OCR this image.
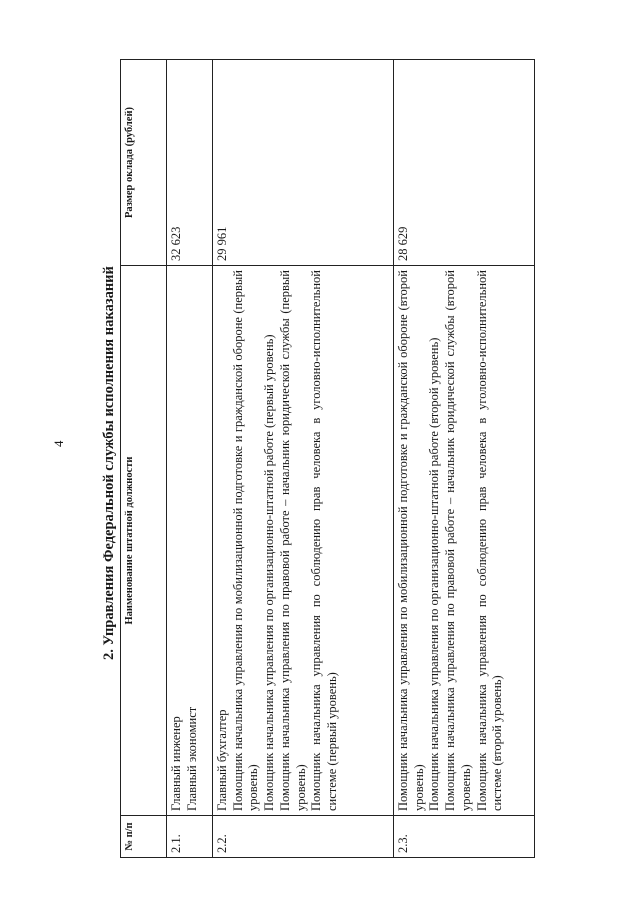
4 2. Управления Федеральной службы исполнения наказаний
№ п/п	Наименование штатной должности	Размер оклада (рублей)
2.1.	Главный инженер Главный экономист	32 623
2.2.	Главный бухгалтер Помощник начальника управления по мобилизационной подготовке и гражданской обороне (первый уровень) Помощник начальника управления по организационно-штатной работе (первый уровень) Помощник начальника управления по правовой работе – начальник юридической службы (первый уровень) Помощник начальника управления по соблюдению прав человека в уголовно-исполнительной системе (первый уровень)	29 961
2.3.	Помощник начальника управления по мобилизационной подготовке и гражданской обороне (второй уровень) Помощник начальника управления по организационно-штатной работе (второй уровень) Помощник начальника управления по правовой работе – начальник юридической службы (второй уровень) Помощник начальника управления по соблюдению прав человека в уголовно-исполнительной системе (второй уровень)	28 629
